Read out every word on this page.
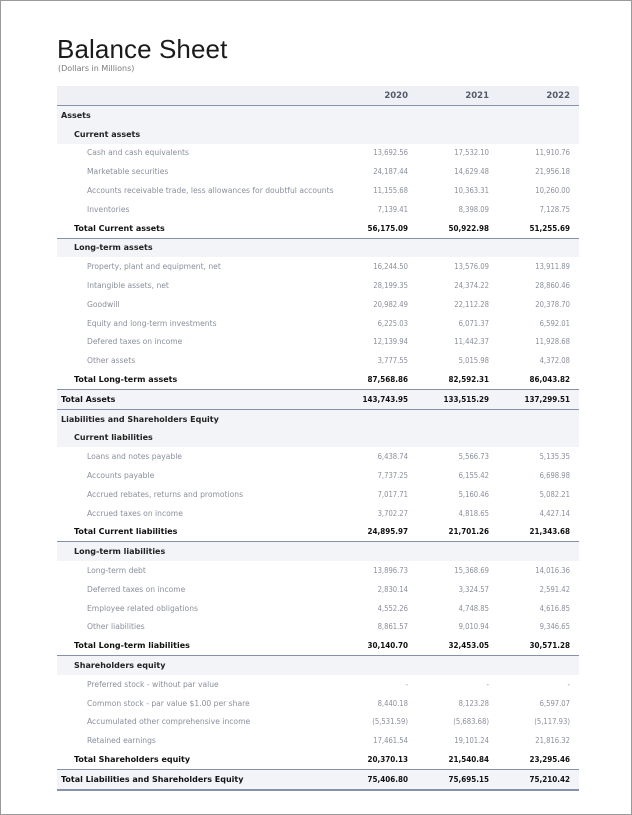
Balance Sheet
(Dollars in Millions)
	2020	2021	2022
Assets			
Current assets			
Cash and cash equivalents	13,692.56	17,532.10	11,910.76
Marketable securities	24,187.44	14,629.48	21,956.18
Accounts receivable trade, less allowances for doubtful accounts	11,155.68	10,363.31	10,260.00
Inventories	7,139.41	8,398.09	7,128.75
Total Current assets	56,175.09	50,922.98	51,255.69
Long-term assets			
Property, plant and equipment, net	16,244.50	13,576.09	13,911.89
Intangible assets, net	28,199.35	24,374.22	28,860.46
Goodwill	20,982.49	22,112.28	20,378.70
Equity and long-term investments	6,225.03	6,071.37	6,592.01
Defered taxes on income	12,139.94	11,442.37	11,928.68
Other assets	3,777.55	5,015.98	4,372.08
Total Long-term assets	87,568.86	82,592.31	86,043.82
Total Assets	143,743.95	133,515.29	137,299.51
Liabilities and Shareholders Equity			
Current liabilities			
Loans and notes payable	6,438.74	5,566.73	5,135.35
Accounts payable	7,737.25	6,155.42	6,698.98
Accrued rebates, returns and promotions	7,017.71	5,160.46	5,082.21
Accrued taxes on income	3,702.27	4,818.65	4,427.14
Total Current liabilities	24,895.97	21,701.26	21,343.68
Long-term liabilities			
Long-term debt	13,896.73	15,368.69	14,016.36
Deferred taxes on income	2,830.14	3,324.57	2,591.42
Employee related obligations	4,552.26	4,748.85	4,616.85
Other liabilities	8,861.57	9,010.94	9,346.65
Total Long-term liabilities	30,140.70	32,453.05	30,571.28
Shareholders equity			
Preferred stock - without par value	-	-	-
Common stock - par value $1.00 per share	8,440.18	8,123.28	6,597.07
Accumulated other comprehensive income	(5,531.59)	(5,683.68)	(5,117.93)
Retained earnings	17,461.54	19,101.24	21,816.32
Total Shareholders equity	20,370.13	21,540.84	23,295.46
Total Liabilities and Shareholders Equity	75,406.80	75,695.15	75,210.42
